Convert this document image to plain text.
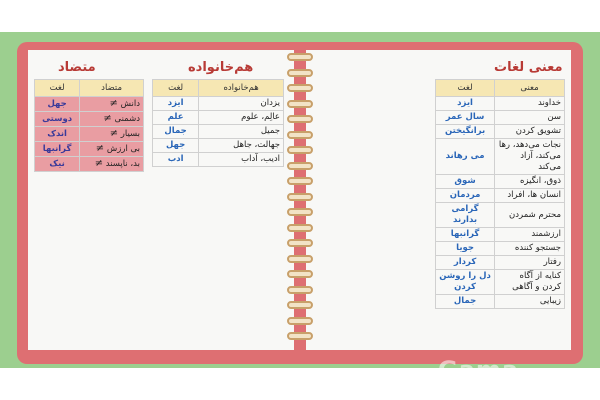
متضاد
متضاد	لغت
دانش ≠	جهل
دشمنی ≠	دوستی
بسیار ≠	اندک
بی ارزش ≠	گرانبها
بد، ناپسند ≠	نیک
هم‌خانواده
هم‌خانواده	لغت
یزدان	ایزد
عالِم، علوم	علم
جمیل	جمال
جهالت، جاهل	جهل
ادیب، آداب	ادب
معنی لغات
معنی	لغت
خداوند	ایزد
سن	سال عمر
تشویق کردن	برانگیختن
نجات می‌دهد، رها می‌کند، آزاد می‌کند	می رهاند
ذوق، انگیزه	شوق
انسان ها، افراد	مردمان
محترم شمردن	گرامی بدارند
ارزشمند	گرانبها
جستجو کننده	جویا
رفتار	کردار
کنایه از آگاه کردن و آگاهی	دل را روشن کردن
زیبایی	جمال
Gama
